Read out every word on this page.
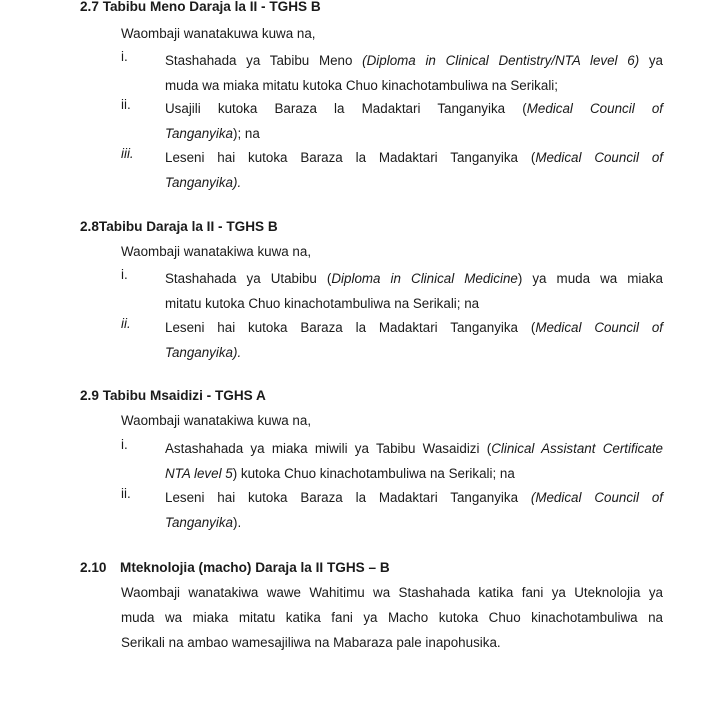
2.7 Tabibu Meno Daraja la II - TGHS B
Waombaji wanatakuwa kuwa na,
i.	Stashahada ya Tabibu Meno (Diploma in Clinical Dentistry/NTA level 6) ya
muda wa miaka mitatu kutoka Chuo kinachotambuliwa na Serikali;
ii.	Usajili kutoka Baraza la Madaktari Tanganyika (Medical Council of
Tanganyika); na
iii. Leseni hai kutoka Baraza la Madaktari Tanganyika (Medical Council of
Tanganyika).
2.8Tabibu Daraja la II - TGHS B
Waombaji wanatakiwa kuwa na,
i.	Stashahada ya Utabibu (Diploma in Clinical Medicine) ya muda wa miaka
mitatu kutoka Chuo kinachotambuliwa na Serikali; na
ii.	Leseni hai kutoka Baraza la Madaktari Tanganyika (Medical Council of
Tanganyika).
2.9 Tabibu Msaidizi - TGHS A
Waombaji wanatakiwa kuwa na,
i.	Astashahada ya miaka miwili ya Tabibu Wasaidizi (Clinical Assistant Certificate
NTA level 5) kutoka Chuo kinachotambuliwa na Serikali; na
ii.	Leseni hai kutoka Baraza la Madaktari Tanganyika (Medical Council of
Tanganyika).
2.10 Mteknolojia (macho) Daraja la II TGHS – B
Waombaji wanatakiwa wawe Wahitimu wa Stashahada katika fani ya Uteknolojia ya
muda wa miaka mitatu katika fani ya Macho kutoka Chuo kinachotambuliwa na
Serikali na ambao wamesajiliwa na Mabaraza pale inapohusika.
